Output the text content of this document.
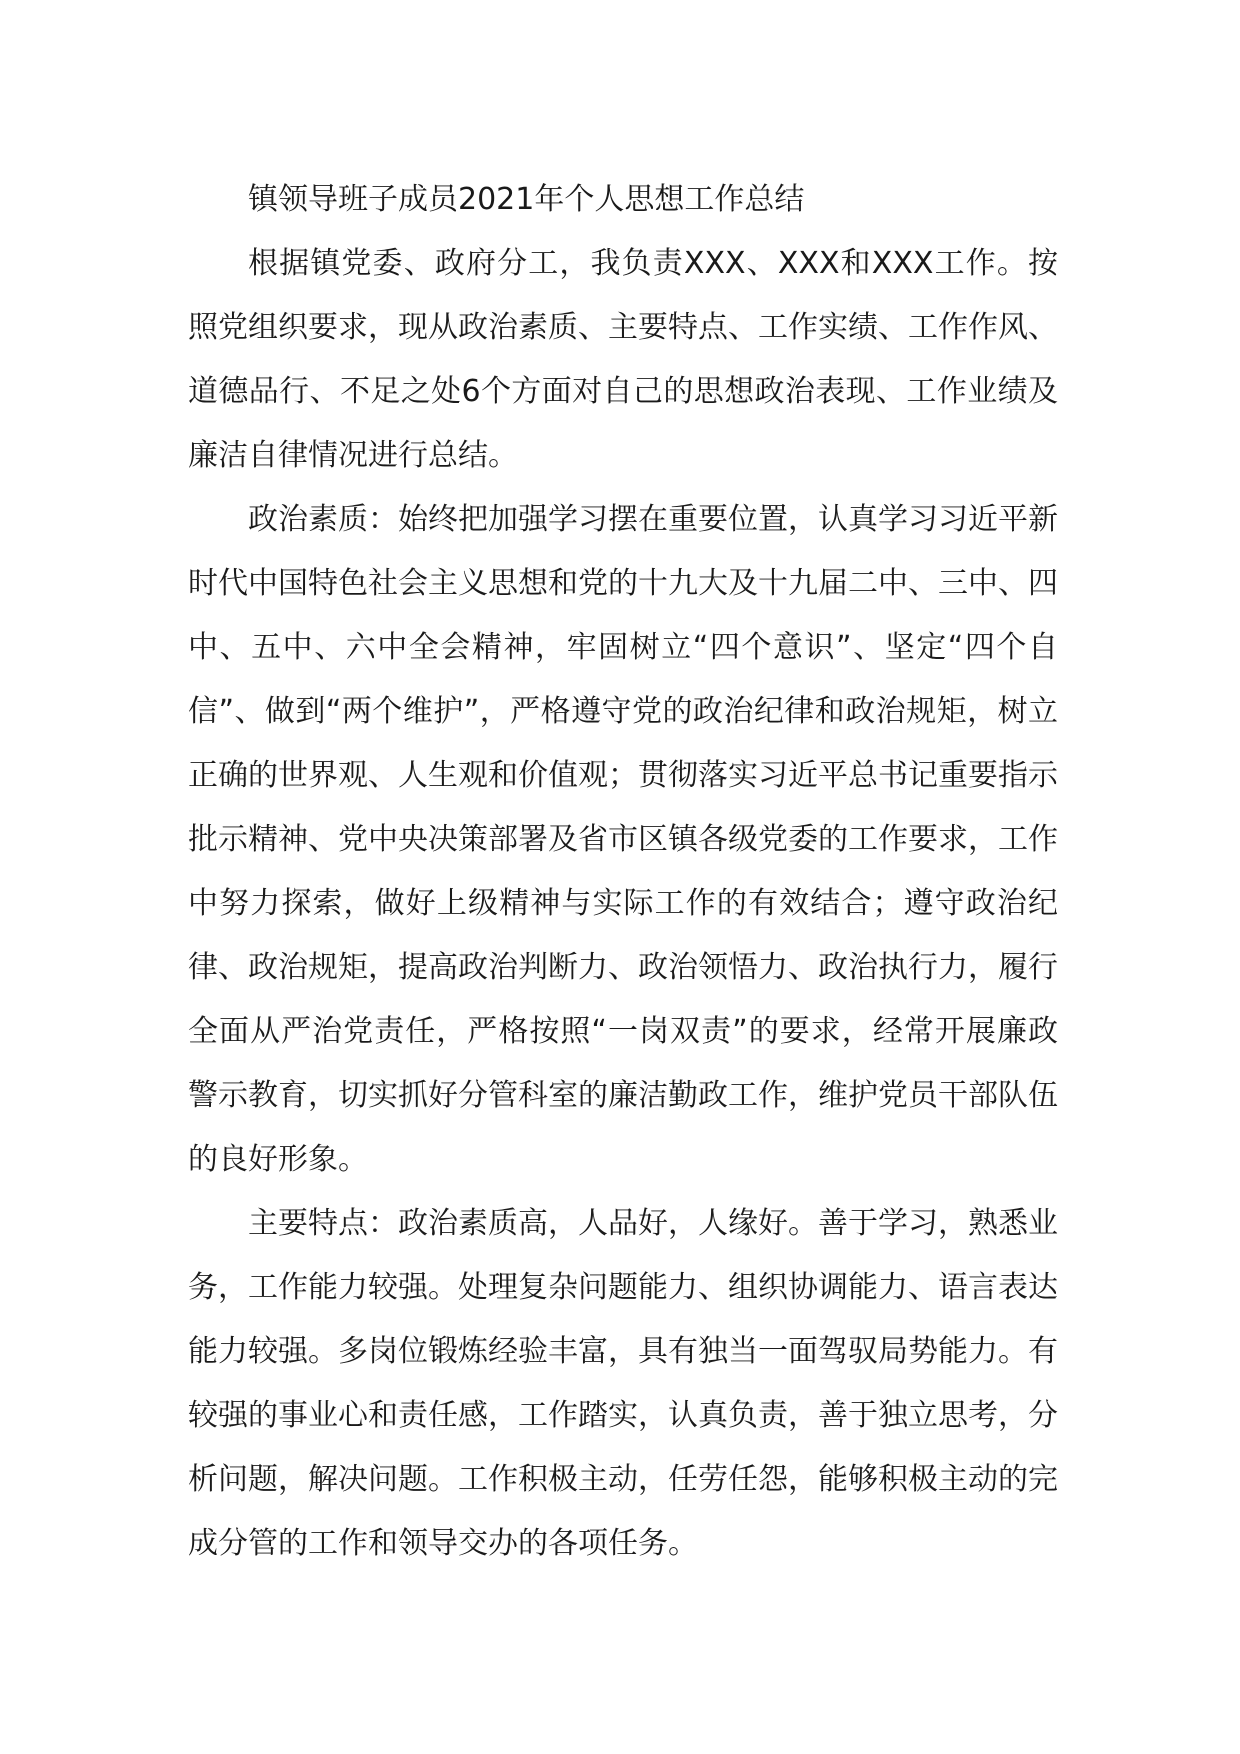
镇领导班子成员2021年个人思想工作总结

根据镇党委、政府分工，我负责XXX、XXX和XXX工作。按照党组织要求，现从政治素质、主要特点、工作实绩、工作作风、道德品行、不足之处6个方面对自己的思想政治表现、工作业绩及廉洁自律情况进行总结。

政治素质：始终把加强学习摆在重要位置，认真学习习近平新时代中国特色社会主义思想和党的十九大及十九届二中、三中、四中、五中、六中全会精神，牢固树立“四个意识”、坚定“四个自信”、做到“两个维护”，严格遵守党的政治纪律和政治规矩，树立正确的世界观、人生观和价值观；贯彻落实习近平总书记重要指示批示精神、党中央决策部署及省市区镇各级党委的工作要求，工作中努力探索，做好上级精神与实际工作的有效结合；遵守政治纪律、政治规矩，提高政治判断力、政治领悟力、政治执行力，履行全面从严治党责任，严格按照“一岗双责”的要求，经常开展廉政警示教育，切实抓好分管科室的廉洁勤政工作，维护党员干部队伍的良好形象。

主要特点：政治素质高，人品好，人缘好。善于学习，熟悉业务，工作能力较强。处理复杂问题能力、组织协调能力、语言表达能力较强。多岗位锻炼经验丰富，具有独当一面驾驭局势能力。有较强的事业心和责任感，工作踏实，认真负责，善于独立思考，分析问题，解决问题。工作积极主动，任劳任怨，能够积极主动的完成分管的工作和领导交办的各项任务。
